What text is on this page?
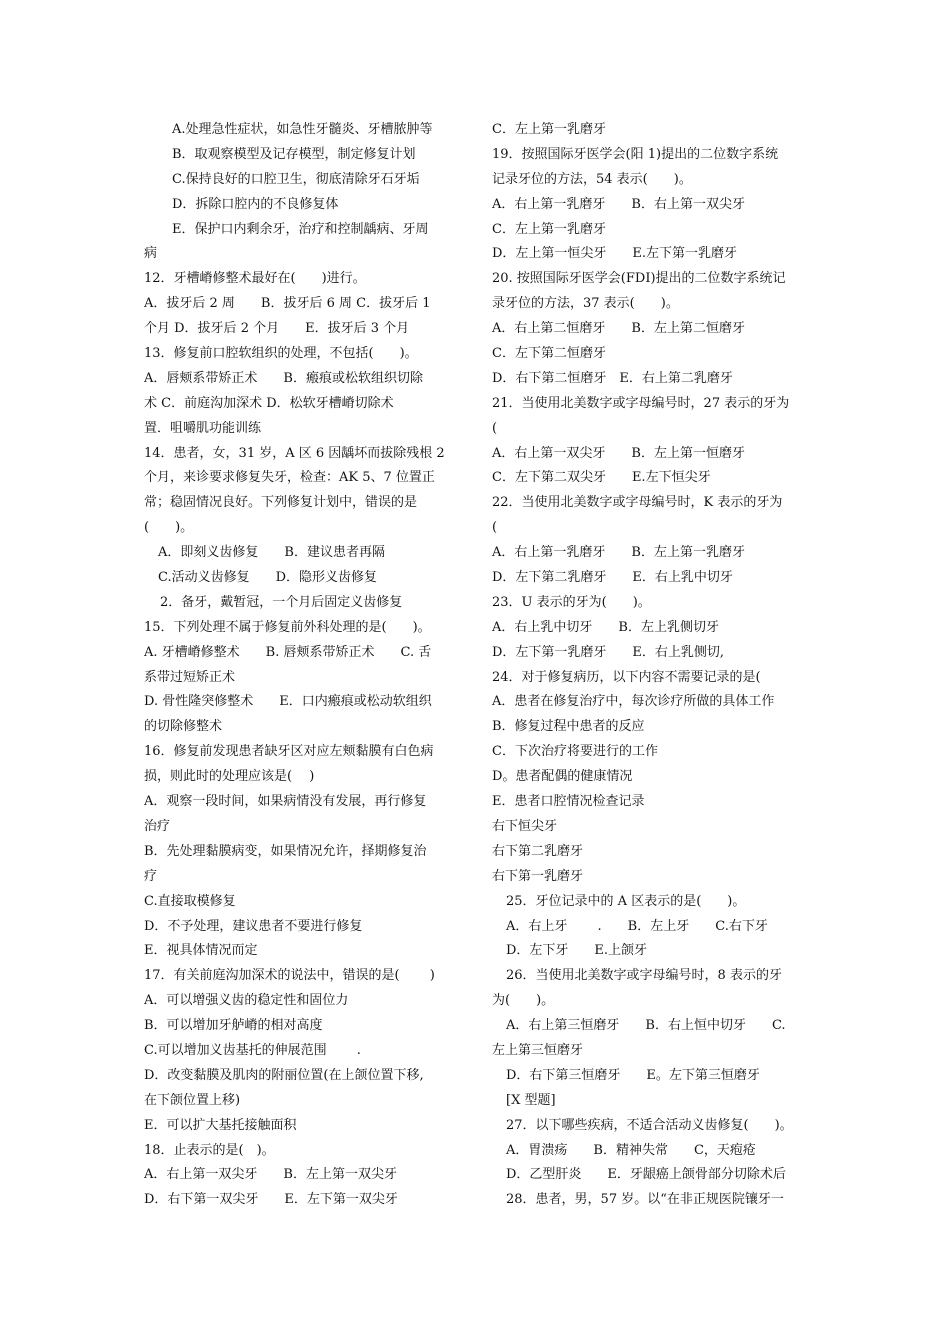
A.处理急性症状，如急性牙髓炎、牙槽脓肿等
B．取观察模型及记存模型，制定修复计划
C.保持良好的口腔卫生，彻底清除牙石牙垢
D．拆除口腔内的不良修复体
E．保护口内剩余牙，治疗和控制龋病、牙周
病
12．牙槽嵴修整术最好在(　　)进行。
A．拔牙后 2 周　　B．拔牙后 6 周 C．拔牙后 1
个月 D．拔牙后 2 个月　　E．拔牙后 3 个月
13．修复前口腔软组织的处理，不包括(　　)。
A．唇颊系带矫正术　　B．瘢痕或松软组织切除
术 C．前庭沟加深术 D．松软牙槽嵴切除术
置．咀嚼肌功能训练
14．患者，女，31 岁，A 区 6 因龋坏而拔除残根 2
个月，来诊要求修复失牙，检查：AK 5、7 位置正
常；稳固情况良好。下列修复计划中，错误的是
(　　)。
A．即刻义齿修复　　B．建议患者再隔
C.活动义齿修复　　D．隐形义齿修复
2．备牙，戴暂冠，一个月后固定义齿修复
15．下列处理不属于修复前外科处理的是(　　)。
A. 牙槽嵴修整术　　B. 唇颊系带矫正术　　C. 舌
系带过短矫正术
D. 骨性隆突修整术　　E．口内瘢痕或松动软组织
的切除修整术
16．修复前发现患者缺牙区对应左颊黏膜有白色病
损，则此时的处理应该是(　 )
A．观察一段时间，如果病情没有发展，再行修复
治疗
B．先处理黏膜病变，如果情况允许，择期修复治
疗
C.直接取模修复
D．不予处理，建议患者不要进行修复
E．视具体情况而定
17．有关前庭沟加深术的说法中，错误的是(　　 )
A．可以增强义齿的稳定性和固位力
B．可以增加牙舻嵴的相对高度
C.可以增加义齿基托的伸展范围　　 .
D．改变黏膜及肌肉的附丽位置(在上颌位置下移,
在下颌位置上移)
E．可以扩大基托接触面积
18．止表示的是(　)。
A．右上第一双尖牙　　B．左上第一双尖牙
D．右下第一双尖牙　　E．左下第一双尖牙
C．左上第一乳磨牙
19．按照国际牙医学会(阳 1)提出的二位数字系统
记录牙位的方法，54 表示(　　)。
A．右上第一乳磨牙　　B．右上第一双尖牙
C．左上第一乳磨牙
D．左上第一恒尖牙　　E.左下第一乳磨牙
20. 按照国际牙医学会(FDI)提出的二位数字系统记
录牙位的方法，37 表示(　　)。
A．右上第二恒磨牙　　B．左上第二恒磨牙
C．左下第二恒磨牙
D．右下第二恒磨牙　E．右上第二乳磨牙
21．当使用北美数字或字母编号时，27 表示的牙为
(
A．右上第一双尖牙　　B．左上第一恒磨牙
C．左下第二双尖牙　　E.左下恒尖牙
22．当使用北美数字或字母编号时，K 表示的牙为
(
A．右上第一乳磨牙　　B．左上第一乳磨牙
D．左下第二乳磨牙　　E．右上乳中切牙
23．U 表示的牙为(　　)。
A．右上乳中切牙　　B．左上乳侧切牙
D．左下第一乳磨牙　　E．右上乳侧切,
24．对于修复病历，以下内容不需要记录的是(
A．患者在修复治疗中，每次诊疗所做的具体工作
B．修复过程中患者的反应
C．下次治疗将要进行的工作
D。患者配偶的健康情况
E．患者口腔情况检查记录
右下恒尖牙
右下第二乳磨牙
右下第一乳磨牙
25．牙位记录中的 A 区表示的是(　　)。
A．右上牙　　 .　　B．左上牙　　C.右下牙
D．左下牙　　E.上颌牙
26．当使用北美数字或字母编号时，8 表示的牙
为(　　)。
A．右上第三恒磨牙　　B．右上恒中切牙　　C.
左上第三恒磨牙
D．右下第三恒磨牙　　E。左下第三恒磨牙
[X 型题]
27．以下哪些疾病，不适合活动义齿修复(　　)。
A．胃溃疡　　B．精神失常　　C，天疱疮
D．乙型肝炎　　E．牙龈癌上颌骨部分切除术后
28．患者，男，57 岁。以“在非正规医院镶牙一
